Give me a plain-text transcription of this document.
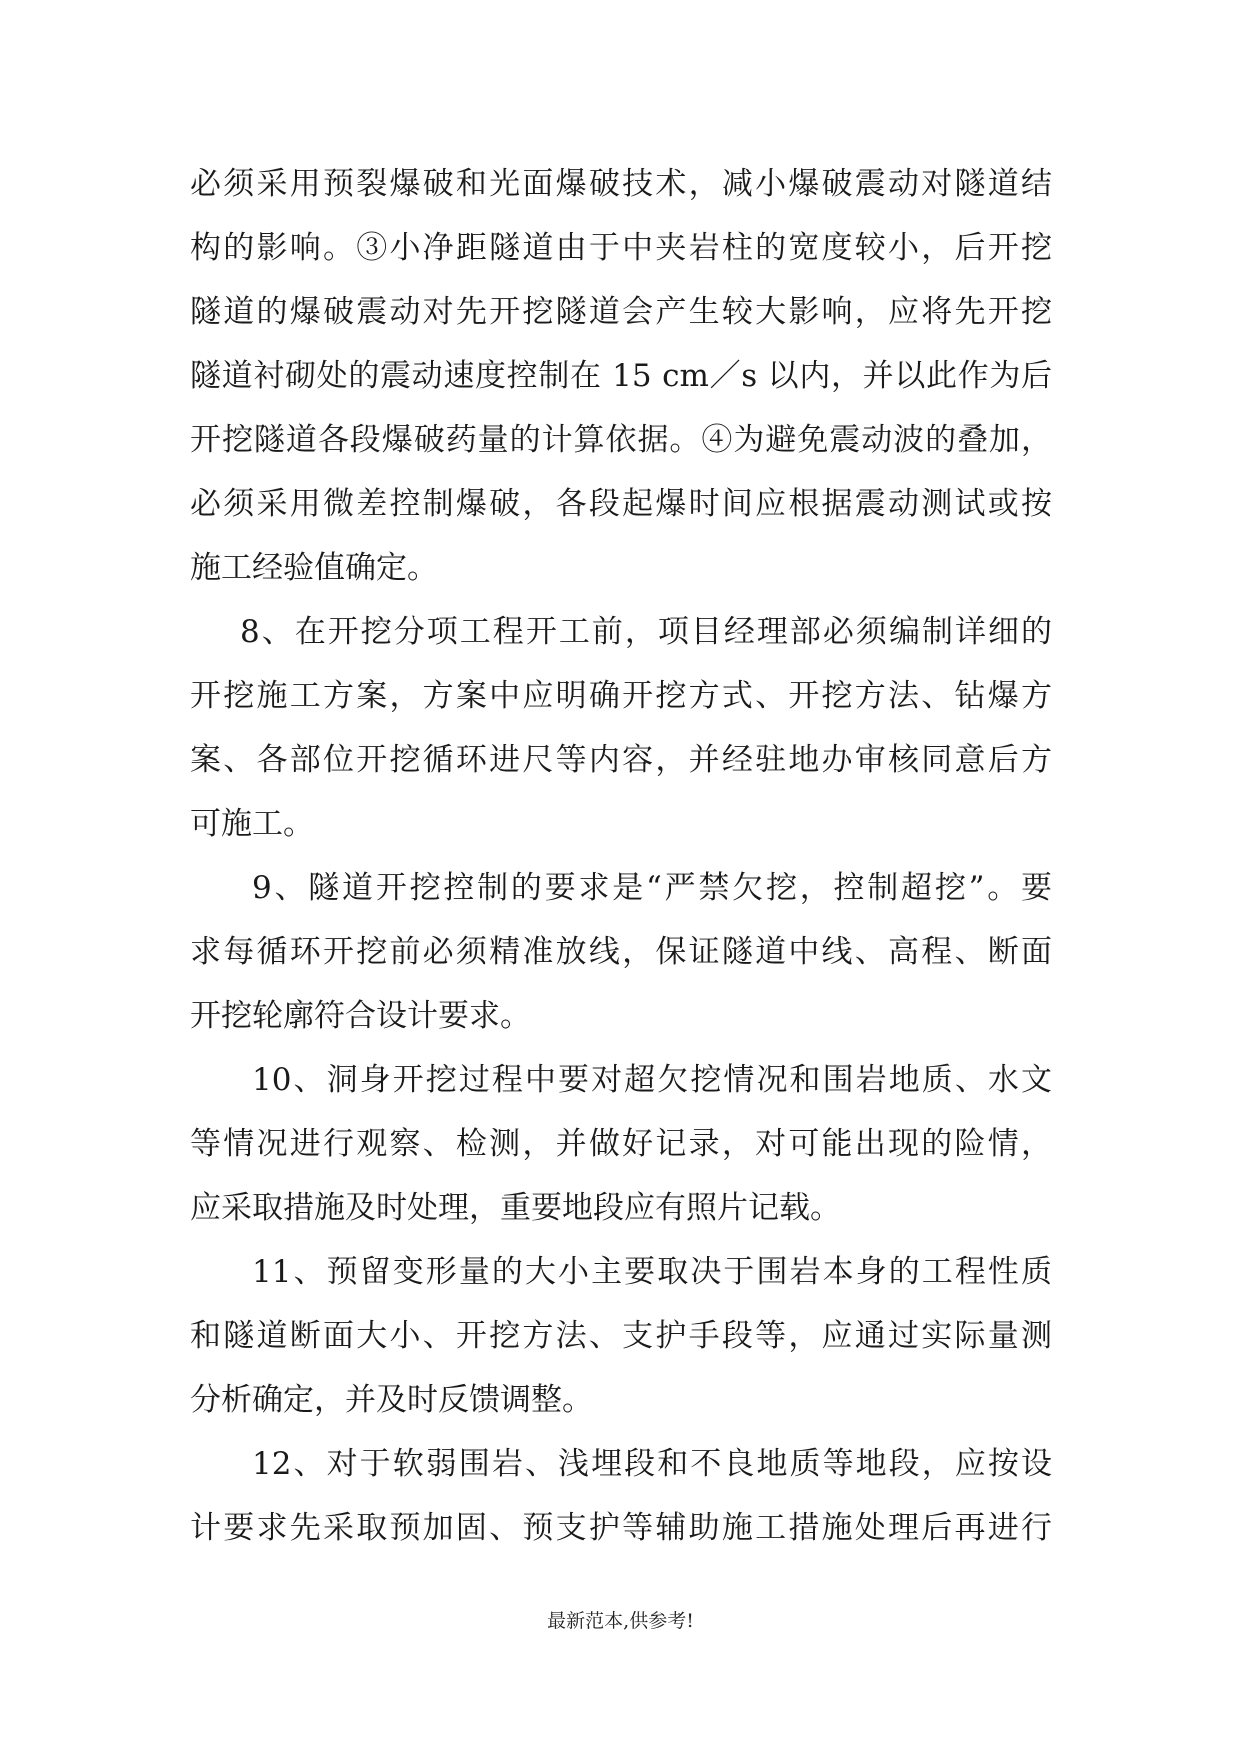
必须采用预裂爆破和光面爆破技术，减小爆破震动对隧道结
构的影响。③小净距隧道由于中夹岩柱的宽度较小，后开挖
隧道的爆破震动对先开挖隧道会产生较大影响，应将先开挖
隧道衬砌处的震动速度控制在 15 cm／s 以内，并以此作为后
开挖隧道各段爆破药量的计算依据。④为避免震动波的叠加，
必须采用微差控制爆破，各段起爆时间应根据震动测试或按
施工经验值确定。
8、在开挖分项工程开工前，项目经理部必须编制详细的
开挖施工方案，方案中应明确开挖方式、开挖方法、钻爆方
案、各部位开挖循环进尺等内容，并经驻地办审核同意后方
可施工。
9、隧道开挖控制的要求是“严禁欠挖，控制超挖”。要
求每循环开挖前必须精准放线，保证隧道中线、高程、断面
开挖轮廓符合设计要求。
10、洞身开挖过程中要对超欠挖情况和围岩地质、水文
等情况进行观察、检测，并做好记录，对可能出现的险情，
应采取措施及时处理，重要地段应有照片记载。
11、预留变形量的大小主要取决于围岩本身的工程性质
和隧道断面大小、开挖方法、支护手段等，应通过实际量测
分析确定，并及时反馈调整。
12、对于软弱围岩、浅埋段和不良地质等地段，应按设
计要求先采取预加固、预支护等辅助施工措施处理后再进行
最新范本,供参考!
